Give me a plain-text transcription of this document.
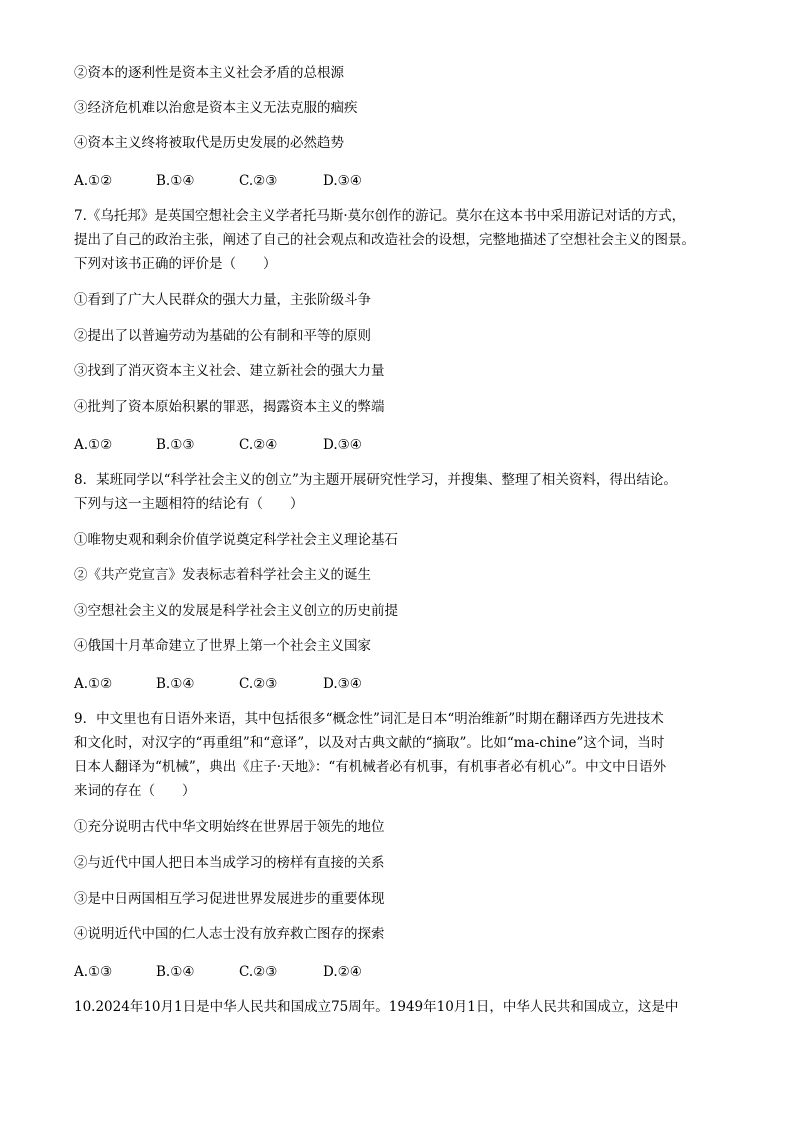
②资本的逐利性是资本主义社会矛盾的总根源
③经济危机难以治愈是资本主义无法克服的痼疾
④资本主义终将被取代是历史发展的必然趋势
A.①②	B.①④	C.②③	D.③④
7.《乌托邦》是英国空想社会主义学者托马斯·莫尔创作的游记。莫尔在这本书中采用游记对话的方式，
提出了自己的政治主张，阐述了自己的社会观点和改造社会的设想，完整地描述了空想社会主义的图景。
下列对该书正确的评价是（　　）
①看到了广大人民群众的强大力量，主张阶级斗争
②提出了以普遍劳动为基础的公有制和平等的原则
③找到了消灭资本主义社会、建立新社会的强大力量
④批判了资本原始积累的罪恶，揭露资本主义的弊端
A.①②	B.①③	C.②④	D.③④
8．某班同学以“科学社会主义的创立”为主题开展研究性学习，并搜集、整理了相关资料，得出结论。
下列与这一主题相符的结论有（　　）
①唯物史观和剩余价值学说奠定科学社会主义理论基石
②《共产党宣言》发表标志着科学社会主义的诞生
③空想社会主义的发展是科学社会主义创立的历史前提
④俄国十月革命建立了世界上第一个社会主义国家
A.①②	B.①④	C.②③	D.③④
9．中文里也有日语外来语，其中包括很多“概念性”词汇是日本“明治维新”时期在翻译西方先进技术
和文化时，对汉字的“再重组”和“意译”，以及对古典文献的“摘取”。比如“ma-chine”这个词，当时
日本人翻译为“机械”，典出《庄子·天地》：“有机械者必有机事，有机事者必有机心”。中文中日语外
来词的存在（　　）
①充分说明古代中华文明始终在世界居于领先的地位
②与近代中国人把日本当成学习的榜样有直接的关系
③是中日两国相互学习促进世界发展进步的重要体现
④说明近代中国的仁人志士没有放弃救亡图存的探索
A.①③	B.①④	C.②③	D.②④
10.2024年10月1日是中华人民共和国成立75周年。1949年10月1日，中华人民共和国成立，这是中
